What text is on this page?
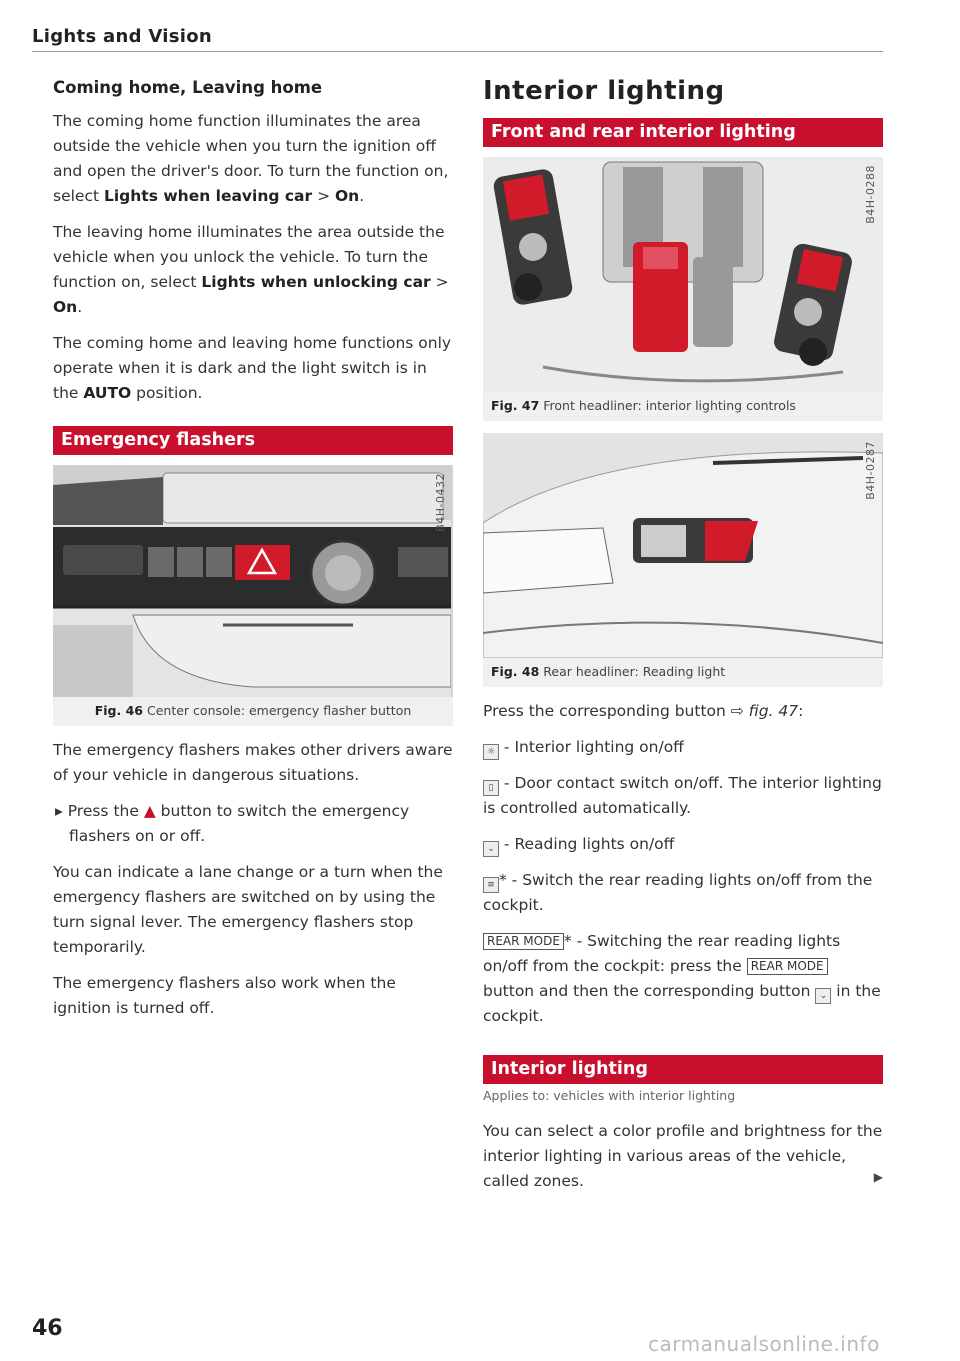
Lights and Vision
Coming home, Leaving home

The coming home function illuminates the area outside the vehicle when you turn the ignition off and open the driver's door. To turn the function on, select Lights when leaving car > On.

The leaving home illuminates the area outside the vehicle when you unlock the vehicle. To turn the function on, select Lights when unlocking car > On.

The coming home and leaving home functions only operate when it is dark and the light switch is in the AUTO position.

Emergency flashers
B4H-0432
Fig. 46 Center console: emergency flasher button

The emergency flashers makes other drivers aware of your vehicle in dangerous situations.

▸ Press the ▲ button to switch the emergency flashers on or off.

You can indicate a lane change or a turn when the emergency flashers are switched on by using the turn signal lever. The emergency flashers stop temporarily.

The emergency flashers also work when the ignition is turned off.

Interior lighting
Front and rear interior lighting
B4H-0288
Fig. 47 Front headliner: interior lighting controls
B4H-0287
Fig. 48 Rear headliner: Reading light

Press the corresponding button ⇨ fig. 47:

☼ - Interior lighting on/off

▯ - Door contact switch on/off. The interior lighting is controlled automatically.

⌄ - Reading lights on/off

≡ * - Switch the rear reading lights on/off from the cockpit.

REAR MODE * - Switching the rear reading lights on/off from the cockpit: press the REAR MODE button and then the corresponding button ⌄ in the cockpit.

Interior lighting
Applies to: vehicles with interior lighting

You can select a color profile and brightness for the interior lighting in various areas of the vehicle, called zones.	▶

46
carmanualsonline.info
